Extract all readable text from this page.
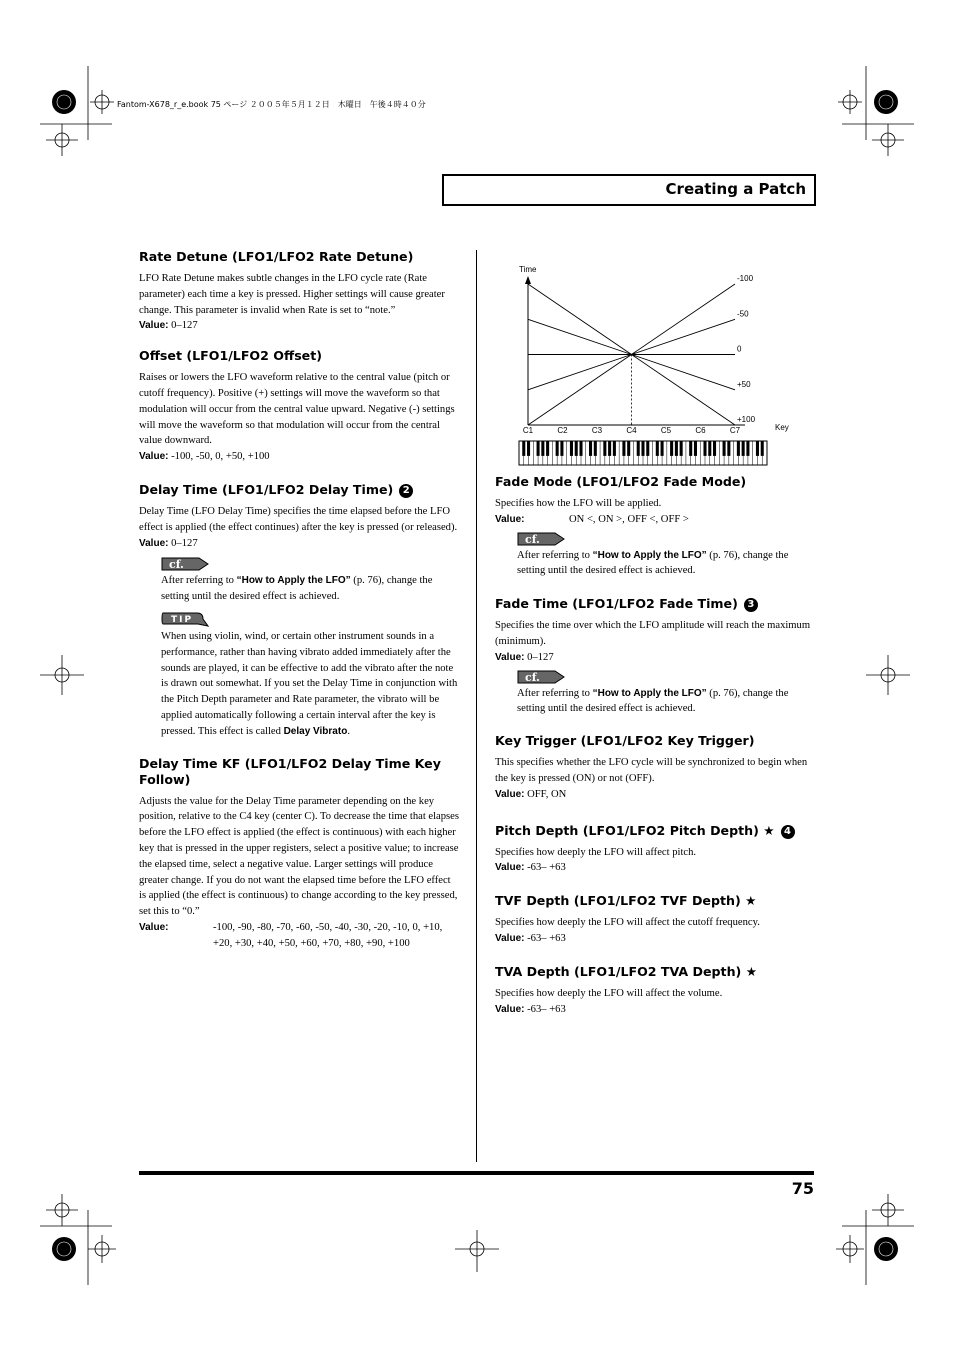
Fantom-X678_r_e.book 75 ページ ２００５年５月１２日　木曜日　午後４時４０分
Creating a Patch

Rate Detune (LFO1/LFO2 Rate Detune)

LFO Rate Detune makes subtle changes in the LFO cycle rate (Rate parameter) each time a key is pressed. Higher settings will cause greater change. This parameter is invalid when Rate is set to “note.”

Value: 0–127

Offset (LFO1/LFO2 Offset)

Raises or lowers the LFO waveform relative to the central value (pitch or cutoff frequency). Positive (+) settings will move the waveform so that modulation will occur from the central value upward. Negative (-) settings will move the waveform so that modulation will occur from the central value downward.

Value: -100, -50, 0, +50, +100

Delay Time (LFO1/LFO2 Delay Time) 2

Delay Time (LFO Delay Time) specifies the time elapsed before the LFO effect is applied (the effect continues) after the key is pressed (or released).

Value: 0–127

cf.

After referring to “How to Apply the LFO” (p. 76), change the setting until the desired effect is achieved.

TIP

When using violin, wind, or certain other instrument sounds in a performance, rather than having vibrato added immediately after the sounds are played, it can be effective to add the vibrato after the note is drawn out somewhat. If you set the Delay Time in conjunction with the Pitch Depth parameter and Rate parameter, the vibrato will be applied automatically following a certain interval after the key is pressed. This effect is called Delay Vibrato.

Delay Time KF (LFO1/LFO2 Delay Time Key Follow)

Adjusts the value for the Delay Time parameter depending on the key position, relative to the C4 key (center C). To decrease the time that elapses before the LFO effect is applied (the effect is continuous) with each higher key that is pressed in the upper registers, select a positive value; to increase the elapsed time, select a negative value. Larger settings will produce greater change. If you do not want the elapsed time before the LFO effect is applied (the effect is continuous) to change according to the key pressed, set this to “0.”

Value:	-100, -90, -80, -70, -60, -50, -40, -30, -20, -10, 0, +10,

+20, +30, +40, +50, +60, +70, +80, +90, +100

Time
Key
C1	C2	C3	C4	C5	C6	C7
-100
-50
0
+50
+100

Fade Mode (LFO1/LFO2 Fade Mode)

Specifies how the LFO will be applied.

Value:	ON <, ON >, OFF <, OFF >

cf.

After referring to “How to Apply the LFO” (p. 76), change the setting until the desired effect is achieved.

Fade Time (LFO1/LFO2 Fade Time) 3

Specifies the time over which the LFO amplitude will reach the maximum (minimum).

Value: 0–127

cf.

After referring to “How to Apply the LFO” (p. 76), change the setting until the desired effect is achieved.

Key Trigger (LFO1/LFO2 Key Trigger)

This specifies whether the LFO cycle will be synchronized to begin when the key is pressed (ON) or not (OFF).

Value: OFF, ON

Pitch Depth (LFO1/LFO2 Pitch Depth) ★ 4

Specifies how deeply the LFO will affect pitch.

Value: -63– +63

TVF Depth (LFO1/LFO2 TVF Depth) ★

Specifies how deeply the LFO will affect the cutoff frequency.

Value: -63– +63

TVA Depth (LFO1/LFO2 TVA Depth) ★

Specifies how deeply the LFO will affect the volume.

Value: -63– +63

75
